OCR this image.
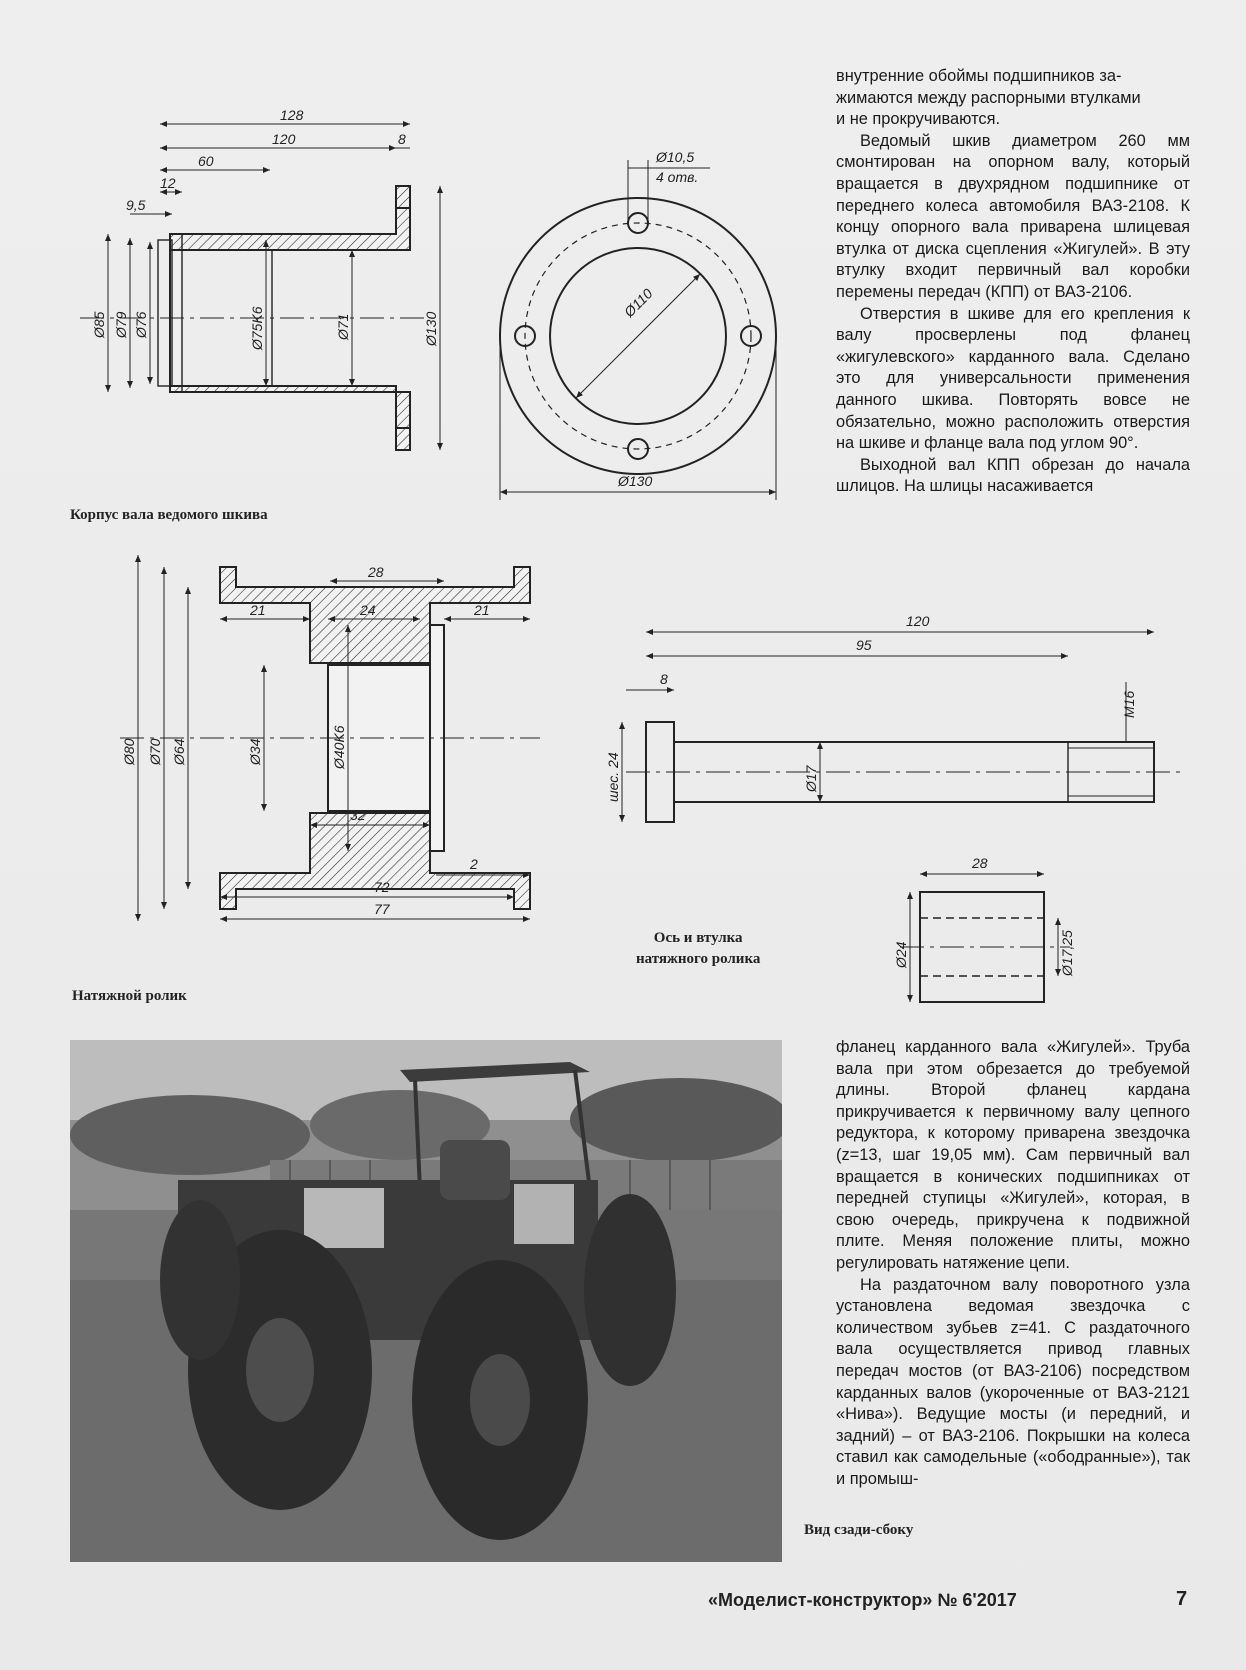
128
120	8
60
12
9,5
Ø85 Ø79 Ø76	Ø75K6	Ø71	Ø130
Ø10,5
4 отв.
Ø110
Ø130
Корпус вала ведомого шкива
28
21	24	21
Ø80 Ø70 Ø64	Ø34	Ø40K6
32
2
72
77
Натяжной ролик
120
95
8
M16
шес. 24	Ø17
28
Ø24	Ø17,25
Ось и втулка
натяжного ролика

внутренние обоймы подшипников за-
жимаются между распорными втулками
и не прокручиваются.

Ведомый шкив диаметром 260 мм смонтирован на опорном валу, который вращается в двухрядном подшипнике от переднего колеса автомобиля ВАЗ-2108. К концу опорного вала приварена шлицевая втулка от диска сцепления «Жигулей». В эту втулку входит первичный вал коробки перемены передач (КПП) от ВАЗ-2106.

Отверстия в шкиве для его крепления к валу просверлены под фланец «жигулевского» карданного вала. Сделано это для универсальности применения данного шкива. Повторять вовсе не обязательно, можно расположить отверстия на шкиве и фланце вала под углом 90°.

Выходной вал КПП обрезан до начала шлицов. На шлицы насаживается

фланец карданного вала «Жигулей». Труба вала при этом обрезается до требуемой длины. Второй фланец кардана прикручивается к первичному валу цепного редуктора, к которому приварена звездочка (z=13, шаг 19,05 мм). Сам первичный вал вращается в конических подшипниках от передней ступицы «Жигулей», которая, в свою очередь, прикручена к подвижной плите. Меняя положение плиты, можно регулировать натяжение цепи.

На раздаточном валу поворотного узла установлена ведомая звездочка с количеством зубьев z=41. С раздаточного вала осуществляется привод главных передач мостов (от ВАЗ-2106) посредством карданных валов (укороченные от ВАЗ-2121 «Нива»). Ведущие мосты (и передний, и задний) – от ВАЗ-2106. Покрышки на колеса ставил как самодельные («ободранные»), так и промыш-

Вид сзади-сбоку
«Моделист-конструктор» № 6'2017	7
